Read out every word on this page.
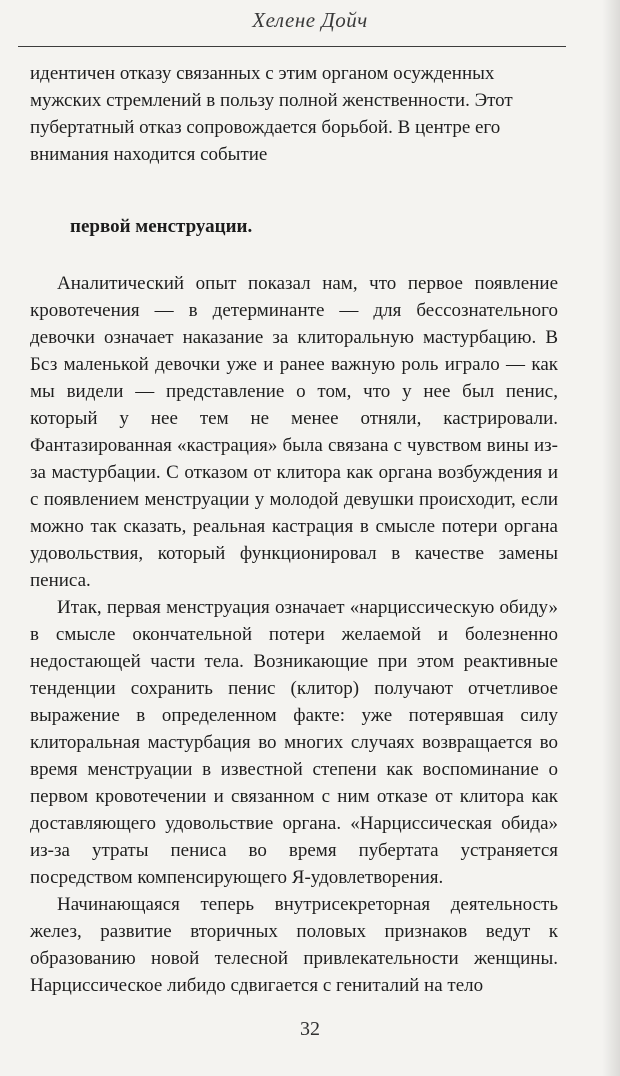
Хелене Дойч

идентичен отказу связанных с этим органом осужденных мужских стремлений в пользу полной женственности. Этот пубертатный отказ сопровождается борьбой. В центре его внимания находится событие

первой менструации.

Аналитический опыт показал нам, что первое появление кровотечения — в детерминанте — для бессознательного девочки означает наказание за клиторальную мастурбацию. В Бсз маленькой девочки уже и ранее важную роль играло — как мы видели — представление о том, что у нее был пенис, который у нее тем не менее отняли, кастрировали. Фантазированная «кастрация» была связана с чувством вины из-за мастурбации. С отказом от клитора как органа возбуждения и с появлением менструации у молодой девушки происходит, если можно так сказать, реальная кастрация в смысле потери органа удовольствия, который функционировал в качестве замены пениса.

Итак, первая менструация означает «нарциссическую обиду» в смысле окончательной потери желаемой и болезненно недостающей части тела. Возникающие при этом реактивные тенденции сохранить пенис (клитор) получают отчетливое выражение в определенном факте: уже потерявшая силу клиторальная мастурбация во многих случаях возвращается во время менструации в известной степени как воспоминание о первом кровотечении и связанном с ним отказе от клитора как доставляющего удовольствие органа. «Нарциссическая обида» из-за утраты пениса во время пубертата устраняется посредством компенсирующего Я-удовлетворения.

Начинающаяся теперь внутрисекреторная деятельность желез, развитие вторичных половых признаков ведут к образованию новой телесной привлекательности женщины. Нарциссическое либидо сдвигается с гениталий на тело

32
